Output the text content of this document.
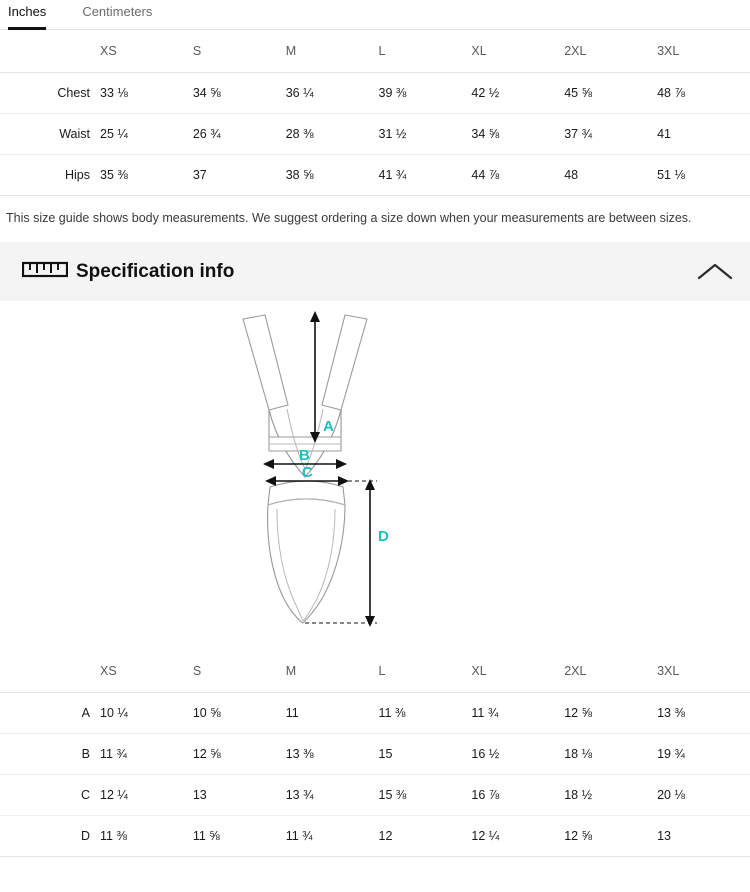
Inches	Centimeters
	XS	S	M	L	XL	2XL	3XL
Chest	33 ⅛	34 ⅝	36 ¼	39 ⅜	42 ½	45 ⅝	48 ⅞
Waist	25 ¼	26 ¾	28 ⅜	31 ½	34 ⅝	37 ¾	41
Hips	35 ⅜	37	38 ⅝	41 ¾	44 ⅞	48	51 ⅛
This size guide shows body measurements. We suggest ordering a size down when your measurements are between sizes.
Specification info
A
B
C
D
	XS	S	M	L	XL	2XL	3XL
A	10 ¼	10 ⅝	11	11 ⅜	11 ¾	12 ⅝	13 ⅜
B	11 ¾	12 ⅝	13 ⅜	15	16 ½	18 ⅛	19 ¾
C	12 ¼	13	13 ¾	15 ⅜	16 ⅞	18 ½	20 ⅛
D	11 ⅜	11 ⅝	11 ¾	12	12 ¼	12 ⅝	13
